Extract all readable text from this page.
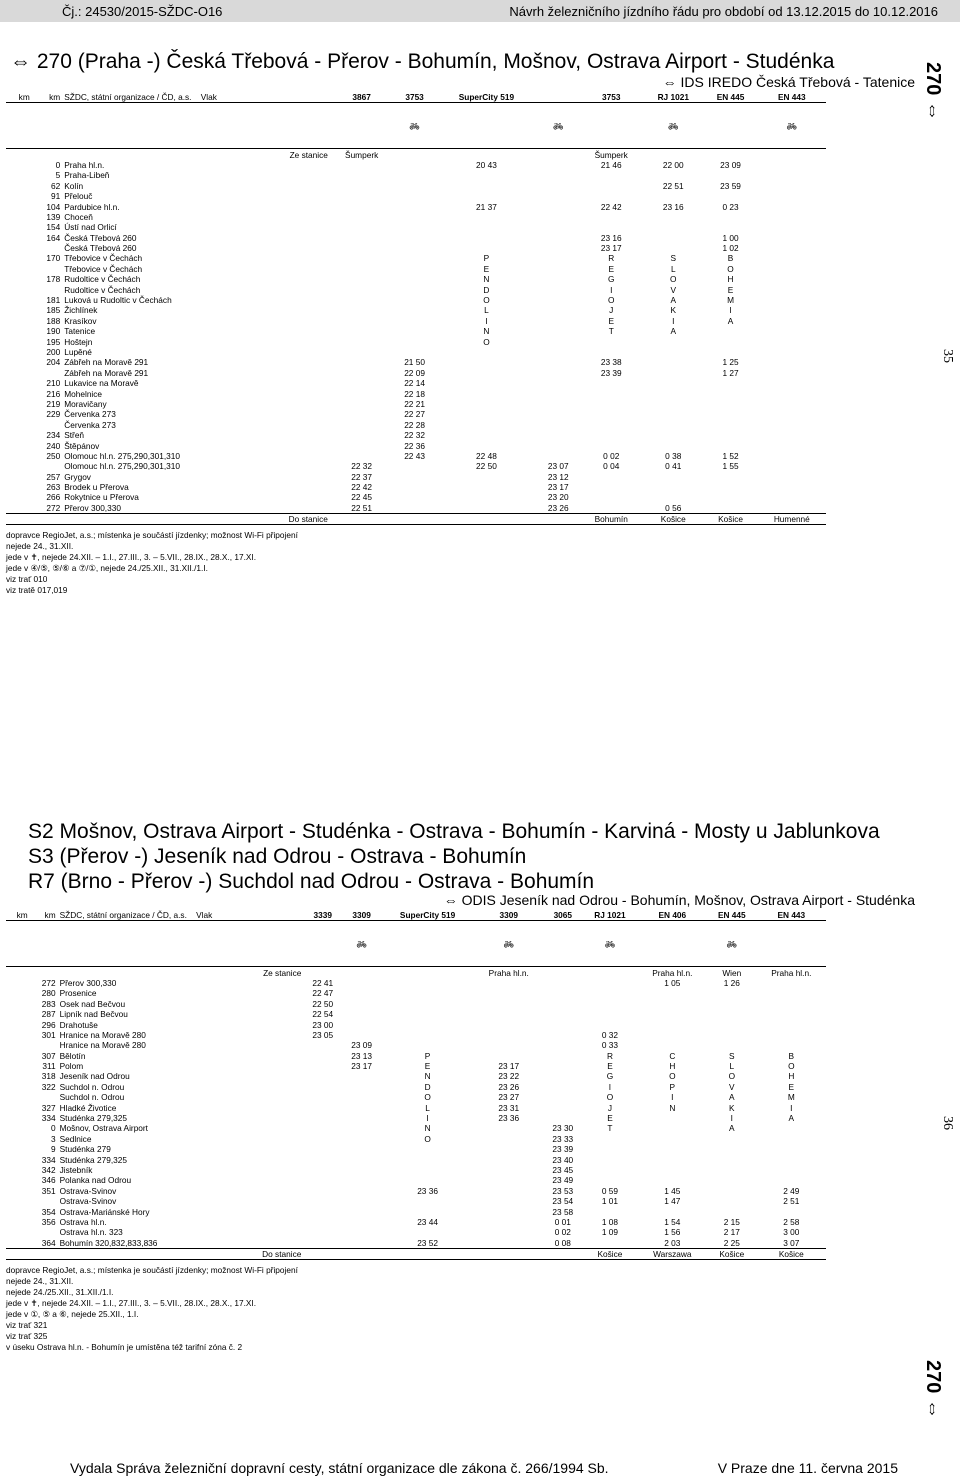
Čj.: 24530/2015-SŽDC-O16	Návrh železničního jízdního řádu pro období od 13.12.2015 do 10.12.2016
⇔ 270 (Praha -) Česká Třebová - Přerov - Bohumín, Mošnov, Ostrava Airport - Studénka
⇔ IDS IREDO Česká Třebová - Tatenice 270 ⇔
km	km	SŽDC, státní organizace / ČD, a.s. Vlak	3867	3753	SuperCity 519		3753	RJ 1021	EN 445	EN 443
				🚲︎		🚲︎		🚲︎		🚲︎
		Ze stanice	Šumperk				Šumperk			
	0	Praha hl.n.			20 43		21 46	22 00	23 09	
	5	Praha-Libeň								
	62	Kolín						22 51	23 59	
	91	Přelouč								
	104	Pardubice hl.n.			21 37		22 42	23 16	0 23	
	139	Choceň								
	154	Ústí nad Orlicí								
	164	Česká Třebová 260					23 16		1 00	
		Česká Třebová 260					23 17		1 02	
	170	Třebovice v Čechách			P		R	S	B	
		Třebovice v Čechách			E		E	L	O	
	178	Rudoltice v Čechách			N		G	O	H	
		Rudoltice v Čechách			D		I	V	E	
	181	Luková u Rudoltic v Čechách			O		O	A	M	
	185	Žichlínek			L		J	K	I	
	188	Krasíkov			I		E	I	A	
	190	Tatenice			N		T	A		
	195	Hoštejn			O					
	200	Lupěné								
	204	Zábřeh na Moravě 291		21 50			23 38		1 25	
		Zábřeh na Moravě 291		22 09			23 39		1 27	
	210	Lukavice na Moravě		22 14						
	216	Mohelnice		22 18						
	219	Moravičany		22 21						
	229	Červenka 273		22 27						
		Červenka 273		22 28						
	234	Střeň		22 32						
	240	Štěpánov		22 36						
	250	Olomouc hl.n. 275,290,301,310		22 43	22 48		0 02	0 38	1 52	
		Olomouc hl.n. 275,290,301,310	22 32		22 50	23 07	0 04	0 41	1 55	
	257	Grygov	22 37			23 12				
	263	Brodek u Přerova	22 42			23 17				
	266	Rokytnice u Přerova	22 45			23 20				
	272	Přerov 300,330	22 51			23 26		0 56		
		Do stanice					Bohumín	Košice	Košice	Humenné
dopravce RegioJet, a.s.; místenka je součástí jízdenky; možnost Wi-Fi připojení
nejede 24., 31.XII.
jede v ✝, nejede 24.XII. – 1.I., 27.III., 3. – 5.VII., 28.IX., 28.X., 17.XI.
jede v ④/⑤, ⑤/⑥ a ⑦/①, nejede 24./25.XII., 31.XII./1.I.
viz trať 010
viz tratě 017,019
35
S2 Mošnov, Ostrava Airport - Studénka - Ostrava - Bohumín - Karviná - Mosty u Jablunkova
S3 (Přerov -) Jeseník nad Odrou - Ostrava - Bohumín
R7 (Brno - Přerov -) Suchdol nad Odrou - Ostrava - Bohumín
⇔ ODIS Jeseník nad Odrou - Bohumín, Mošnov, Ostrava Airport - Studénka
km	km	SŽDC, státní organizace / ČD, a.s. Vlak	3339	3309	SuperCity 519	3309	3065	RJ 1021	EN 406	EN 445	EN 443
				🚲︎		🚲︎		🚲︎		🚲︎	
		Ze stanice				Praha hl.n.			Praha hl.n.	Wien	Praha hl.n.
	272	Přerov 300,330	22 41						1 05	1 26	
	280	Prosenice	22 47								
	283	Osek nad Bečvou	22 50								
	287	Lipník nad Bečvou	22 54								
	296	Drahotuše	23 00								
	301	Hranice na Moravě 280	23 05					0 32			
		Hranice na Moravě 280		23 09				0 33			
	307	Bělotín		23 13	P			R	C	S	B
	311	Polom		23 17	E	23 17		E	H	L	O
	318	Jeseník nad Odrou			N	23 22		G	O	O	H
	322	Suchdol n. Odrou			D	23 26		I	P	V	E
		Suchdol n. Odrou			O	23 27		O	I	A	M
	327	Hladké Životice			L	23 31		J	N	K	I
	334	Studénka 279,325			I	23 36		E		I	A
	0	Mošnov, Ostrava Airport			N		23 30	T		A	
	3	Sedlnice			O		23 33				
	9	Studénka 279					23 39				
	334	Studénka 279,325					23 40				
	342	Jistebník					23 45				
	346	Polanka nad Odrou					23 49				
	351	Ostrava-Svinov			23 36		23 53	0 59	1 45		2 49
		Ostrava-Svinov					23 54	1 01	1 47		2 51
	354	Ostrava-Mariánské Hory					23 58				
	356	Ostrava hl.n.			23 44		0 01	1 08	1 54	2 15	2 58
		Ostrava hl.n. 323					0 02	1 09	1 56	2 17	3 00
	364	Bohumín 320,832,833,836			23 52		0 08		2 03	2 25	3 07
		Do stanice						Košice	Warszawa	Košice	Košice
dopravce RegioJet, a.s.; místenka je součástí jízdenky; možnost Wi-Fi připojení
nejede 24., 31.XII.
nejede 24./25.XII., 31.XII./1.I.
jede v ✝, nejede 24.XII. – 1.I., 27.III., 3. – 5.VII., 28.IX., 28.X., 17.XI.
jede v ①, ⑤ a ⑥, nejede 25.XII., 1.I.
viz trať 321
viz trať 325
v úseku Ostrava hl.n. - Bohumín je umístěna též tarifní zóna č. 2
36
270 ⇔
Vydala Správa železniční dopravní cesty, státní organizace dle zákona č. 266/1994 Sb.	V Praze dne 11. června 2015
